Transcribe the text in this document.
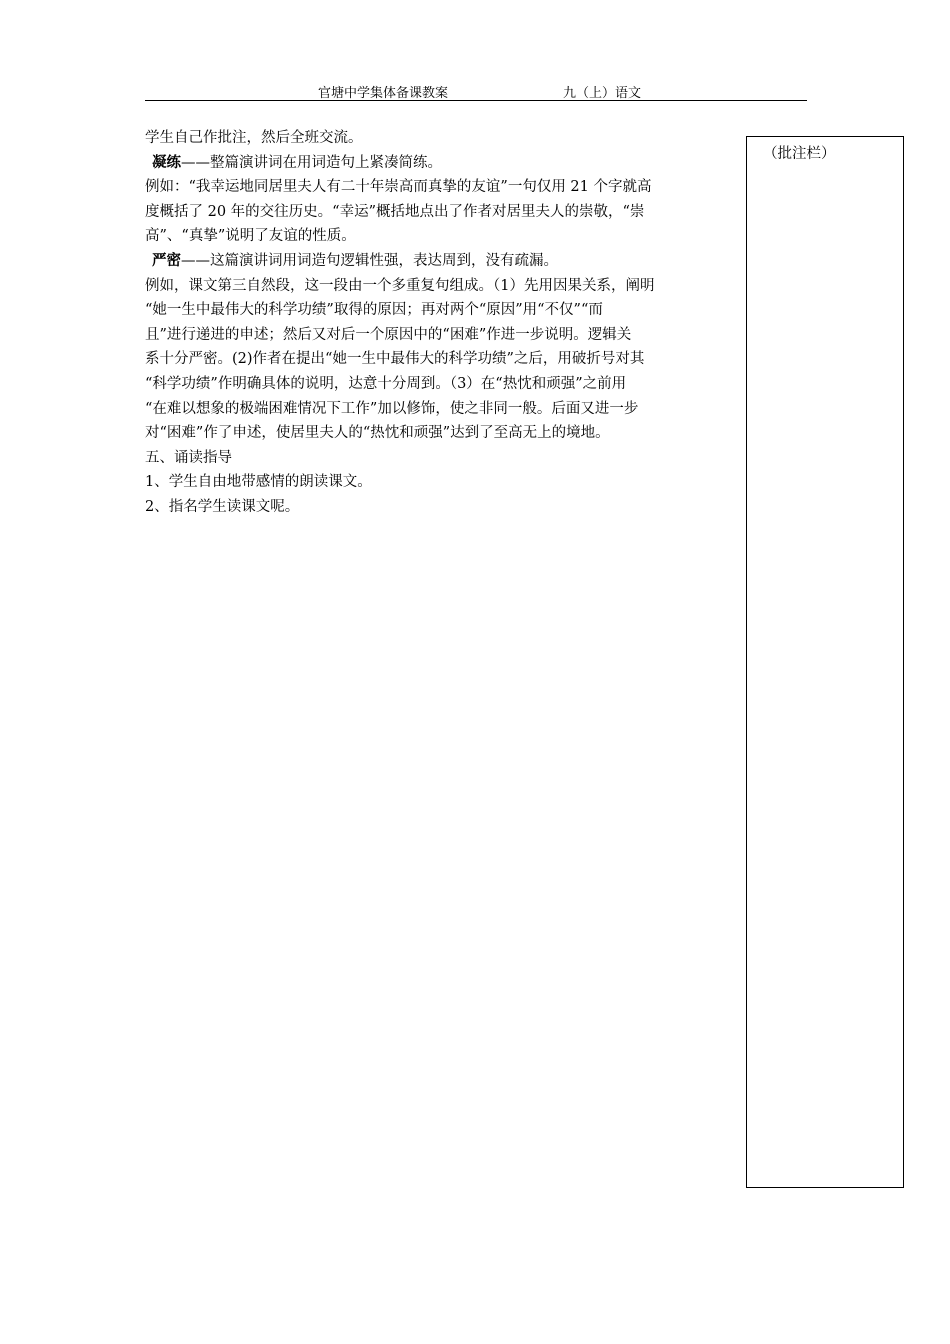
官塘中学集体备课教案	九（上）语文

学生自己作批注，然后全班交流。

凝练——整篇演讲词在用词造句上紧凑简练。

例如：“我幸运地同居里夫人有二十年崇高而真挚的友谊”一句仅用 21 个字就高

度概括了 20 年的交往历史。“幸运”概括地点出了作者对居里夫人的崇敬，“崇

高”、“真挚”说明了友谊的性质。

严密——这篇演讲词用词造句逻辑性强，表达周到，没有疏漏。

例如，课文第三自然段，这一段由一个多重复句组成。（1）先用因果关系，阐明

“她一生中最伟大的科学功绩”取得的原因；再对两个“原因”用“不仅”“而

且”进行递进的申述；然后又对后一个原因中的“困难”作进一步说明。逻辑关

系十分严密。(2)作者在提出“她一生中最伟大的科学功绩”之后，用破折号对其

“科学功绩”作明确具体的说明，达意十分周到。（3）在“热忱和顽强”之前用

“在难以想象的极端困难情况下工作”加以修饰，使之非同一般。后面又进一步

对“困难”作了申述，使居里夫人的“热忱和顽强”达到了至高无上的境地。

五、诵读指导

1、学生自由地带感情的朗读课文。

2、指名学生读课文呢。

（批注栏）
